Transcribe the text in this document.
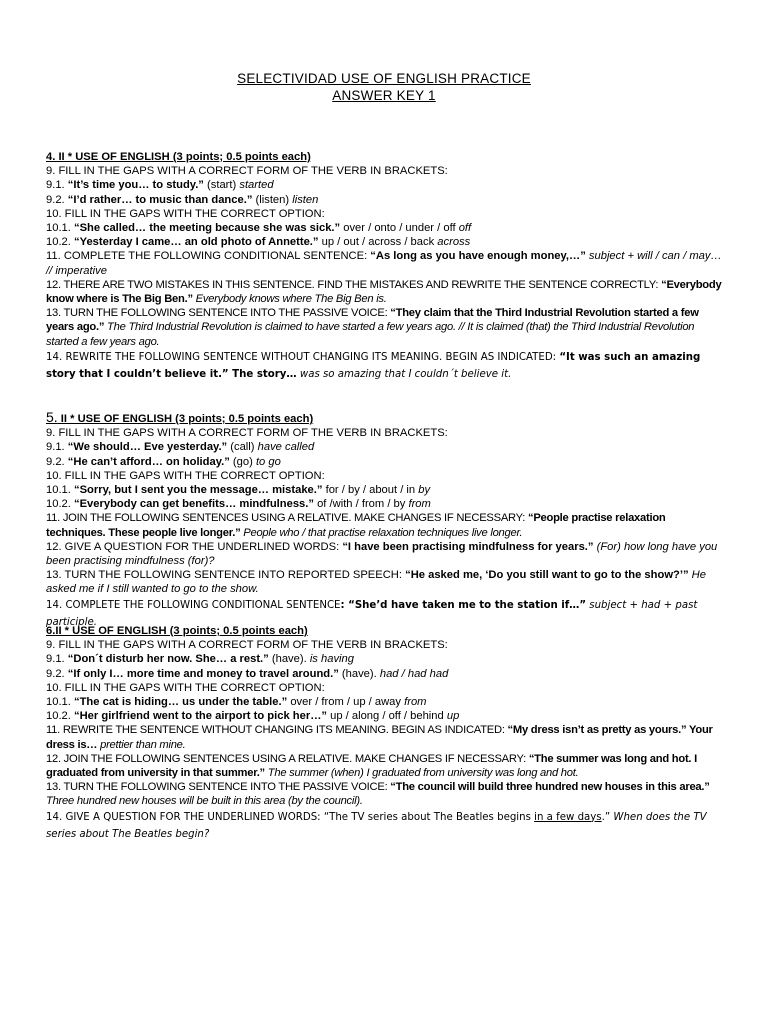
SELECTIVIDAD USE OF ENGLISH PRACTICE
ANSWER KEY 1

4. II * USE OF ENGLISH (3 points; 0.5 points each)

9. FILL IN THE GAPS WITH A CORRECT FORM OF THE VERB IN BRACKETS:

9.1. “It’s time you… to study.” (start) started

9.2. “I’d rather… to music than dance.” (listen) listen

10. FILL IN THE GAPS WITH THE CORRECT OPTION:

10.1. “She called… the meeting because she was sick.” over / onto / under / off off

10.2. “Yesterday I came… an old photo of Annette.” up / out / across / back across

11. COMPLETE THE FOLLOWING CONDITIONAL SENTENCE: “As long as you have enough money,…” subject + will / can / may… // imperative

12. THERE ARE TWO MISTAKES IN THIS SENTENCE. FIND THE MISTAKES AND REWRITE THE SENTENCE CORRECTLY: “Everybody know where is The Big Ben.” Everybody knows where The Big Ben is.

13. TURN THE FOLLOWING SENTENCE INTO THE PASSIVE VOICE: “They claim that the Third Industrial Revolution started a few years ago.” The Third Industrial Revolution is claimed to have started a few years ago. // It is claimed (that) the Third Industrial Revolution started a few years ago.

14. REWRITE THE FOLLOWING SENTENCE WITHOUT CHANGING ITS MEANING. BEGIN AS INDICATED: “It was such an amazing story that I couldn’t believe it.” The story… was so amazing that I couldn´t believe it.

5. II * USE OF ENGLISH (3 points; 0.5 points each)

9. FILL IN THE GAPS WITH A CORRECT FORM OF THE VERB IN BRACKETS:

9.1. “We should… Eve yesterday.” (call) have called

9.2. “He can’t afford… on holiday.” (go) to go

10. FILL IN THE GAPS WITH THE CORRECT OPTION:

10.1. “Sorry, but I sent you the message… mistake.” for / by / about / in by

10.2. “Everybody can get benefits… mindfulness.” of /with / from / by from

11. JOIN THE FOLLOWING SENTENCES USING A RELATIVE. MAKE CHANGES IF NECESSARY: “People practise relaxation techniques. These people live longer.” People who / that practise relaxation techniques live longer.

12. GIVE A QUESTION FOR THE UNDERLINED WORDS: “I have been practising mindfulness for years.” (For) how long have you been practising mindfulness (for)?

13. TURN THE FOLLOWING SENTENCE INTO REPORTED SPEECH: “He asked me, ‘Do you still want to go to the show?’” He asked me if I still wanted to go to the show.

14. COMPLETE THE FOLLOWING CONDITIONAL SENTENCE: “She’d have taken me to the station if…” subject + had + past participle.

6.II * USE OF ENGLISH (3 points; 0.5 points each)

9. FILL IN THE GAPS WITH A CORRECT FORM OF THE VERB IN BRACKETS:

9.1. “Don´t disturb her now. She… a rest.” (have). is having

9.2. “If only I… more time and money to travel around.” (have). had / had had

10. FILL IN THE GAPS WITH THE CORRECT OPTION:

10.1. “The cat is hiding… us under the table.” over / from / up / away from

10.2. “Her girlfriend went to the airport to pick her…” up / along / off / behind up

11. REWRITE THE SENTENCE WITHOUT CHANGING ITS MEANING. BEGIN AS INDICATED: “My dress isn’t as pretty as yours.” Your dress is… prettier than mine.

12. JOIN THE FOLLOWING SENTENCES USING A RELATIVE. MAKE CHANGES IF NECESSARY: “The summer was long and hot. I graduated from university in that summer.” The summer (when) I graduated from university was long and hot.

13. TURN THE FOLLOWING SENTENCE INTO THE PASSIVE VOICE: “The council will build three hundred new houses in this area.” Three hundred new houses will be built in this area (by the council).

14. GIVE A QUESTION FOR THE UNDERLINED WORDS: “The TV series about The Beatles begins in a few days.” When does the TV series about The Beatles begin?
